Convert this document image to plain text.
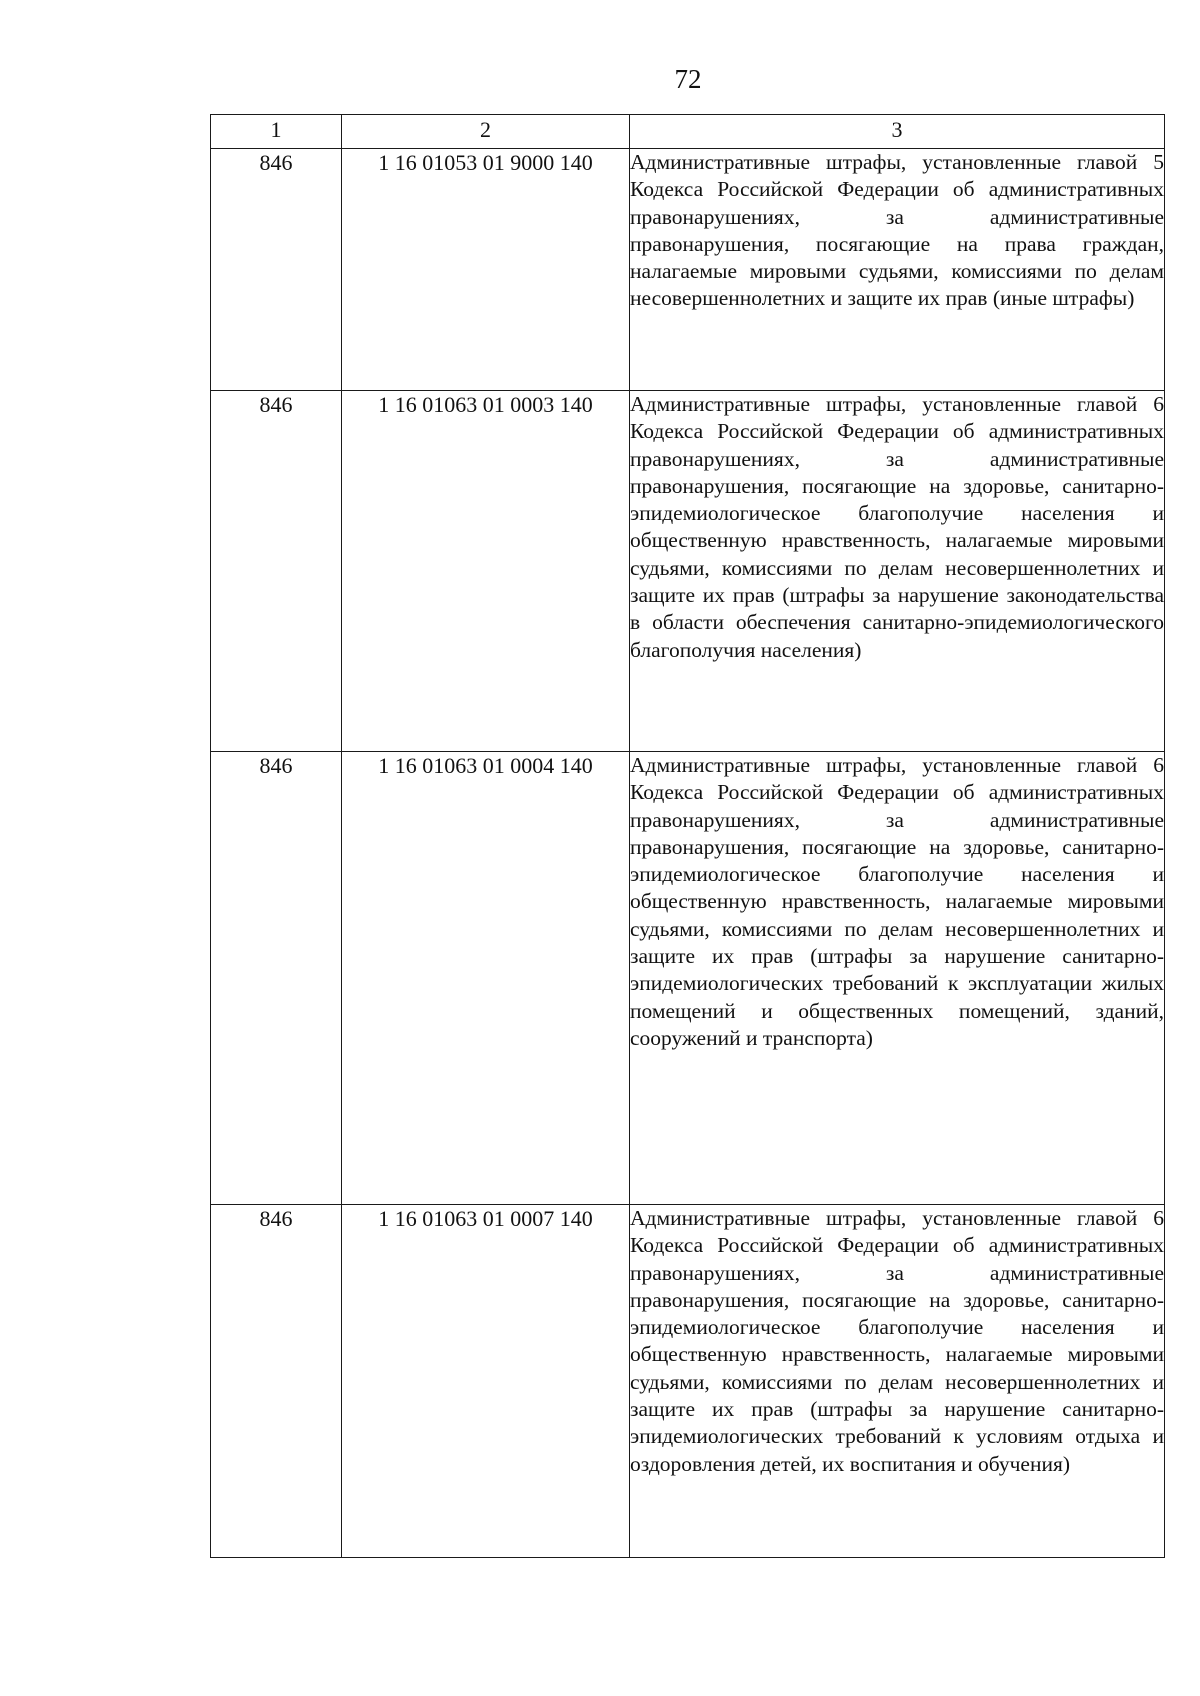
72
1	2	3
846	1 16 01053 01 9000 140	Административные штрафы, установленные главой 5 Кодекса Российской Федерации об административных правонарушениях, за административные правонарушения, посягающие на права граждан, налагаемые мировыми судьями, комиссиями по делам несовершеннолетних и защите их прав (иные штрафы)
846	1 16 01063 01 0003 140	Административные штрафы, установленные главой 6 Кодекса Российской Федерации об административных правонарушениях, за административные правонарушения, посягающие на здоровье, санитарно-эпидемиологическое благополучие населения и общественную нравственность, налагаемые мировыми судьями, комиссиями по делам несовершеннолетних и защите их прав (штрафы за нарушение законодательства в области обеспечения санитарно-эпидемиологического благополучия населения)
846	1 16 01063 01 0004 140	Административные штрафы, установленные главой 6 Кодекса Российской Федерации об административных правонарушениях, за административные правонарушения, посягающие на здоровье, санитарно-эпидемиологическое благополучие населения и общественную нравственность, налагаемые мировыми судьями, комиссиями по делам несовершеннолетних и защите их прав (штрафы за нарушение санитарно-эпидемиологических требований к эксплуатации жилых помещений и общественных помещений, зданий, сооружений и транспорта)
846	1 16 01063 01 0007 140	Административные штрафы, установленные главой 6 Кодекса Российской Федерации об административных правонарушениях, за административные правонарушения, посягающие на здоровье, санитарно-эпидемиологическое благополучие населения и общественную нравственность, налагаемые мировыми судьями, комиссиями по делам несовершеннолетних и защите их прав (штрафы за нарушение санитарно-эпидемиологических требований к условиям отдыха и оздоровления детей, их воспитания и обучения)
